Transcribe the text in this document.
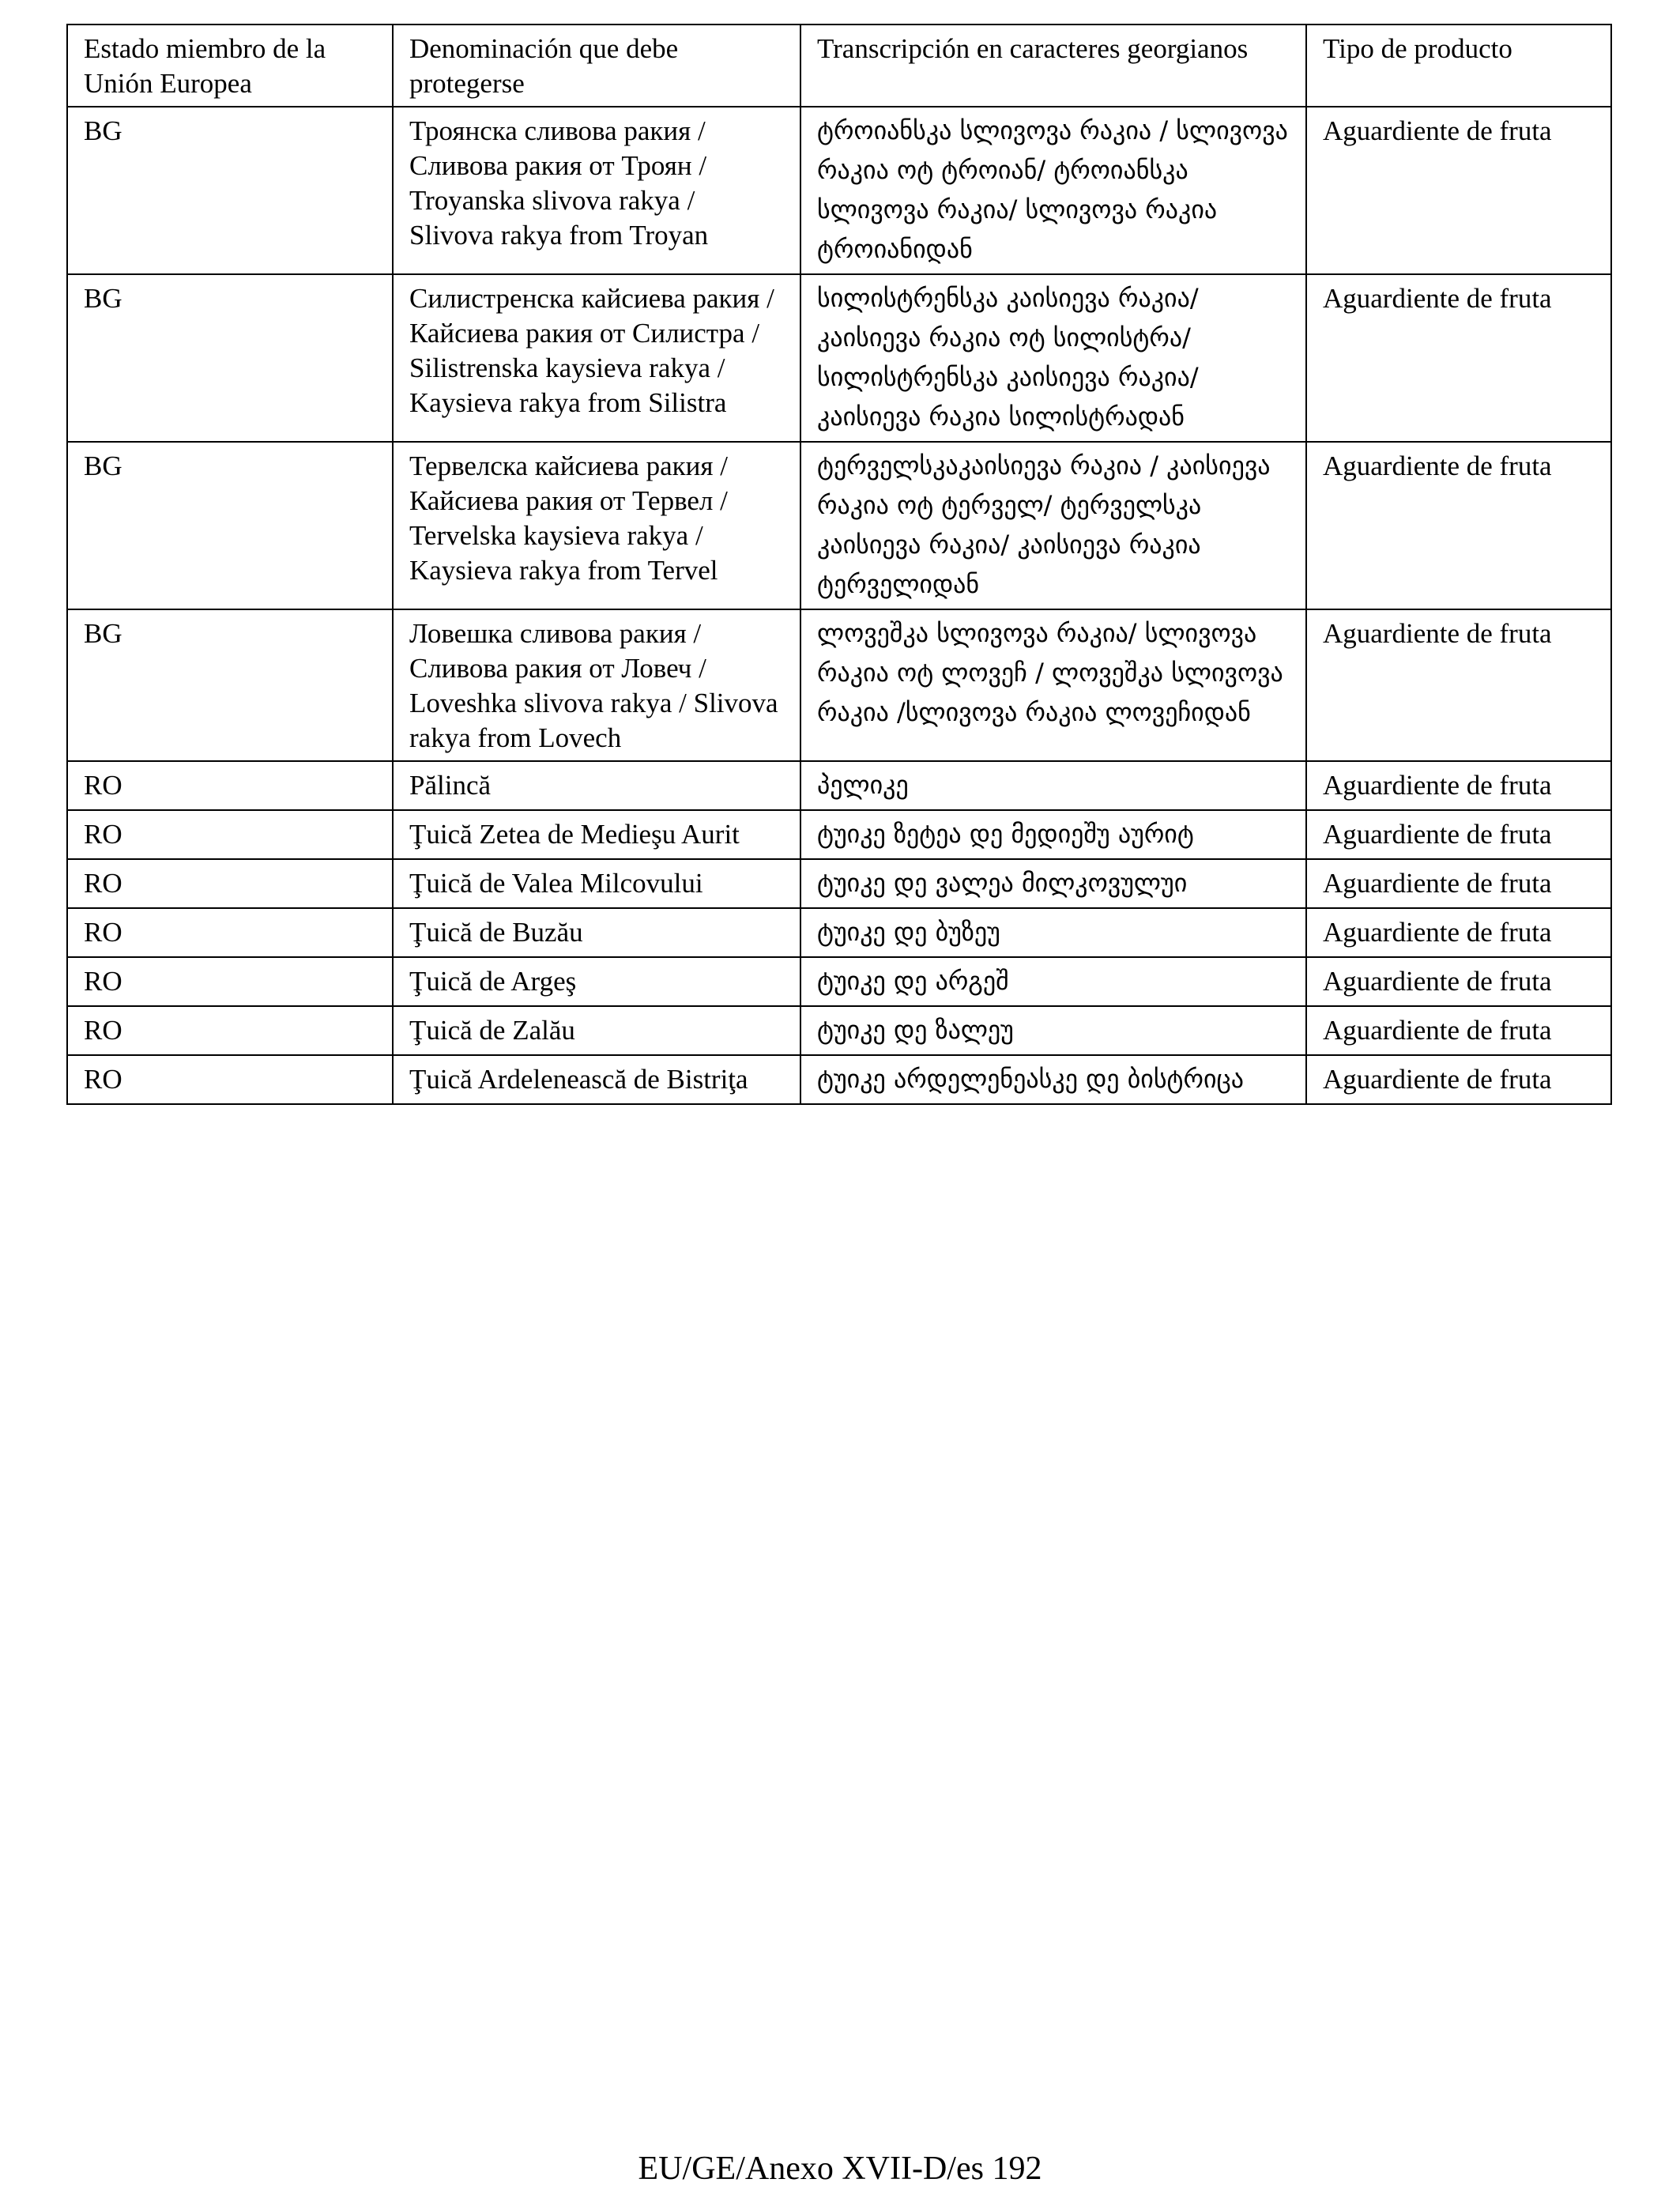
Estado miembro de la Unión Europea	Denominación que debe protegerse	Transcripción en caracteres georgianos	Tipo de producto
BG	Троянска сливова ракия / Сливова ракия от Троян / Troyanska slivova rakya / Slivova rakya from Troyan	ტროიანსკა სლივოვა რაკია / სლივოვა რაკია ოტ ტროიან/ ტროიანსკა სლივოვა რაკია/ სლივოვა რაკია ტროიანიდან	Aguardiente de fruta
BG	Силистренска кайсиева ракия / Кайсиева ракия от Силистра / Silistrenska kaysieva rakya / Kaysieva rakya from Silistra	სილისტრენსკა კაისიევა რაკია/ კაისიევა რაკია ოტ სილისტრა/ სილისტრენსკა კაისიევა რაკია/ კაისიევა რაკია სილისტრადან	Aguardiente de fruta
BG	Тервелска кайсиева ракия / Кайсиева ракия от Тервел / Tervelska kaysieva rakya / Kaysieva rakya from Tervel	ტერველსკაკაისიევა რაკია / კაისიევა რაკია ოტ ტერველ/ ტერველსკა კაისიევა რაკია/ კაისიევა რაკია ტერველიდან	Aguardiente de fruta
BG	Ловешка сливова ракия / Сливова ракия от Ловеч / Loveshka slivova rakya / Slivova rakya from Lovech	ლოვეშკა სლივოვა რაკია/ სლივოვა რაკია ოტ ლოვეჩ / ლოვეშკა სლივოვა რაკია /სლივოვა რაკია ლოვეჩიდან	Aguardiente de fruta
RO	Pălincă	პელიკე	Aguardiente de fruta
RO	Ţuică Zetea de Medieşu Aurit	ტუიკე ზეტეა დე მედიეშუ აურიტ	Aguardiente de fruta
RO	Ţuică de Valea Milcovului	ტუიკე დე ვალეა მილკოვულუი	Aguardiente de fruta
RO	Ţuică de Buzău	ტუიკე დე ბუზეუ	Aguardiente de fruta
RO	Ţuică de Argeş	ტუიკე დე არგეშ	Aguardiente de fruta
RO	Ţuică de Zalău	ტუიკე დე ზალეუ	Aguardiente de fruta
RO	Ţuică Ardelenească de Bistriţa	ტუიკე არდელენეასკე დე ბისტრიცა	Aguardiente de fruta
EU/GE/Anexo XVII-D/es 192
